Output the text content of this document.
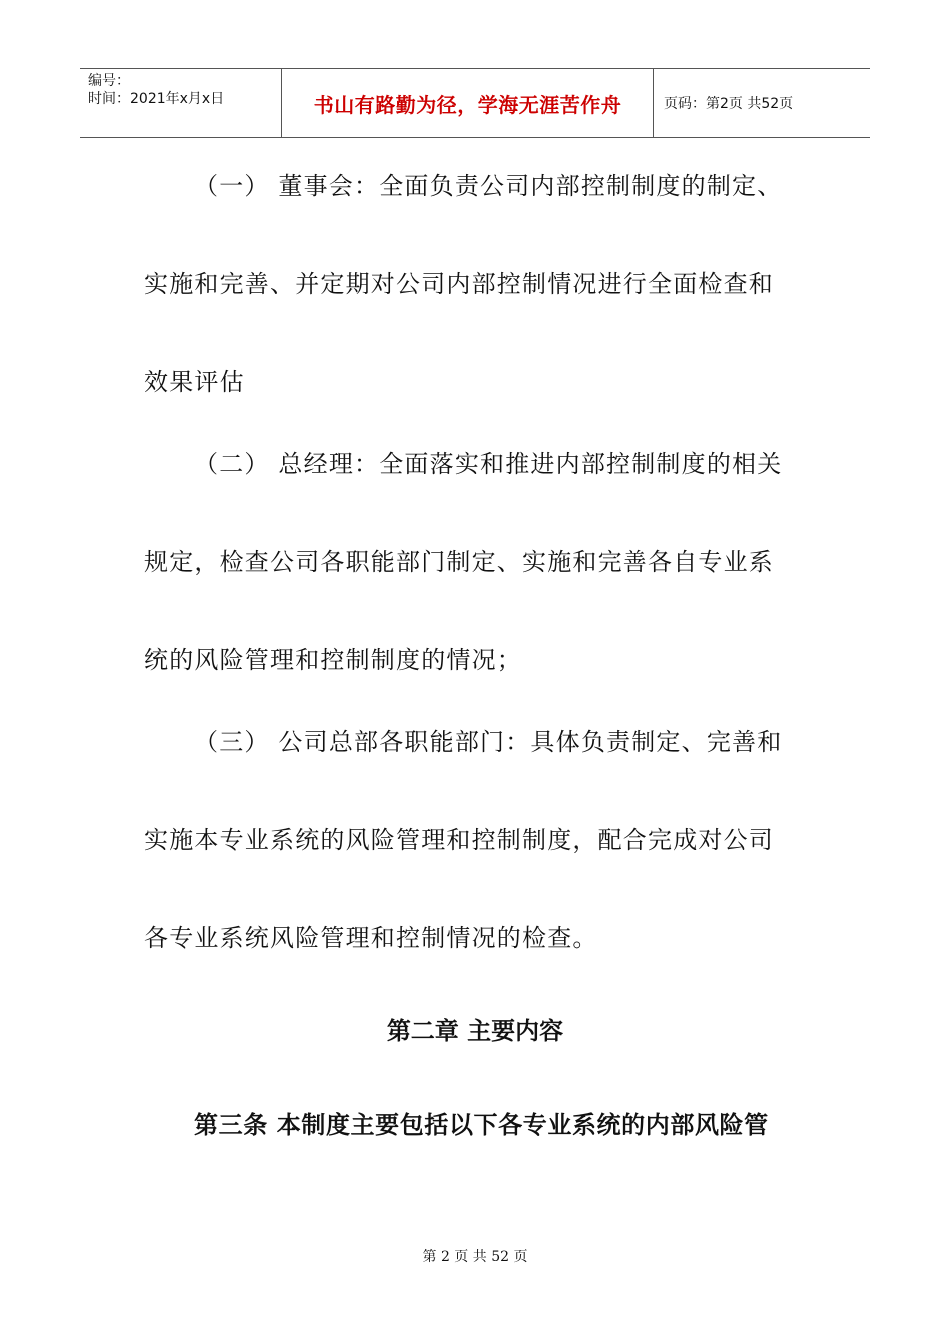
编号：
时间：2021年x月x日	书山有路勤为径，学海无涯苦作舟	页码：第2页 共52页
（一） 董事会：全面负责公司内部控制制度的制定、
实施和完善、并定期对公司内部控制情况进行全面检查和
效果评估
（二） 总经理：全面落实和推进内部控制制度的相关
规定，检查公司各职能部门制定、实施和完善各自专业系
统的风险管理和控制制度的情况；
（三） 公司总部各职能部门：具体负责制定、完善和
实施本专业系统的风险管理和控制制度，配合完成对公司
各专业系统风险管理和控制情况的检查。
第二章 主要内容
第三条 本制度主要包括以下各专业系统的内部风险管
第 2 页 共 52 页
